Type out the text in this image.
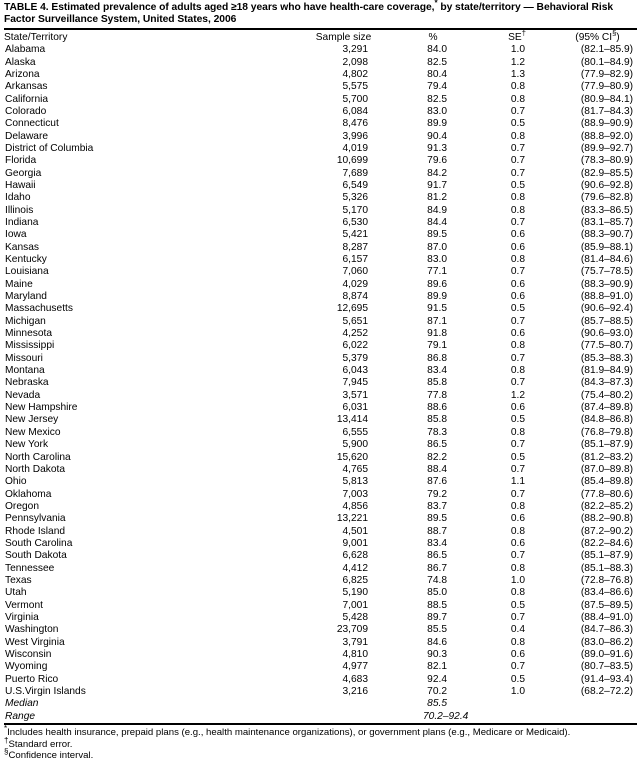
TABLE 4. Estimated prevalence of adults aged ≥18 years who have health-care coverage,* by state/territory — Behavioral Risk
Factor Surveillance System, United States, 2006
State/Territory	Sample size	%	SE†	(95% CI§)
Alabama	3,291	84.0	1.0	(82.1–85.9)
Alaska	2,098	82.5	1.2	(80.1–84.9)
Arizona	4,802	80.4	1.3	(77.9–82.9)
Arkansas	5,575	79.4	0.8	(77.9–80.9)
California	5,700	82.5	0.8	(80.9–84.1)
Colorado	6,084	83.0	0.7	(81.7–84.3)
Connecticut	8,476	89.9	0.5	(88.9–90.9)
Delaware	3,996	90.4	0.8	(88.8–92.0)
District of Columbia	4,019	91.3	0.7	(89.9–92.7)
Florida	10,699	79.6	0.7	(78.3–80.9)
Georgia	7,689	84.2	0.7	(82.9–85.5)
Hawaii	6,549	91.7	0.5	(90.6–92.8)
Idaho	5,326	81.2	0.8	(79.6–82.8)
Illinois	5,170	84.9	0.8	(83.3–86.5)
Indiana	6,530	84.4	0.7	(83.1–85.7)
Iowa	5,421	89.5	0.6	(88.3–90.7)
Kansas	8,287	87.0	0.6	(85.9–88.1)
Kentucky	6,157	83.0	0.8	(81.4–84.6)
Louisiana	7,060	77.1	0.7	(75.7–78.5)
Maine	4,029	89.6	0.6	(88.3–90.9)
Maryland	8,874	89.9	0.6	(88.8–91.0)
Massachusetts	12,695	91.5	0.5	(90.6–92.4)
Michigan	5,651	87.1	0.7	(85.7–88.5)
Minnesota	4,252	91.8	0.6	(90.6–93.0)
Mississippi	6,022	79.1	0.8	(77.5–80.7)
Missouri	5,379	86.8	0.7	(85.3–88.3)
Montana	6,043	83.4	0.8	(81.9–84.9)
Nebraska	7,945	85.8	0.7	(84.3–87.3)
Nevada	3,571	77.8	1.2	(75.4–80.2)
New Hampshire	6,031	88.6	0.6	(87.4–89.8)
New Jersey	13,414	85.8	0.5	(84.8–86.8)
New Mexico	6,555	78.3	0.8	(76.8–79.8)
New York	5,900	86.5	0.7	(85.1–87.9)
North Carolina	15,620	82.2	0.5	(81.2–83.2)
North Dakota	4,765	88.4	0.7	(87.0–89.8)
Ohio	5,813	87.6	1.1	(85.4–89.8)
Oklahoma	7,003	79.2	0.7	(77.8–80.6)
Oregon	4,856	83.7	0.8	(82.2–85.2)
Pennsylvania	13,221	89.5	0.6	(88.2–90.8)
Rhode Island	4,501	88.7	0.8	(87.2–90.2)
South Carolina	9,001	83.4	0.6	(82.2–84.6)
South Dakota	6,628	86.5	0.7	(85.1–87.9)
Tennessee	4,412	86.7	0.8	(85.1–88.3)
Texas	6,825	74.8	1.0	(72.8–76.8)
Utah	5,190	85.0	0.8	(83.4–86.6)
Vermont	7,001	88.5	0.5	(87.5–89.5)
Virginia	5,428	89.7	0.7	(88.4–91.0)
Washington	23,709	85.5	0.4	(84.7–86.3)
West Virginia	3,791	84.6	0.8	(83.0–86.2)
Wisconsin	4,810	90.3	0.6	(89.0–91.6)
Wyoming	4,977	82.1	0.7	(80.7–83.5)
Puerto Rico	4,683	92.4	0.5	(91.4–93.4)
U.S.Virgin Islands	3,216	70.2	1.0	(68.2–72.2)
Median		85.5		
Range		70.2–92.4		
*Includes health insurance, prepaid plans (e.g., health maintenance organizations), or government plans (e.g., Medicare or Medicaid).
†Standard error.
§Confidence interval.
